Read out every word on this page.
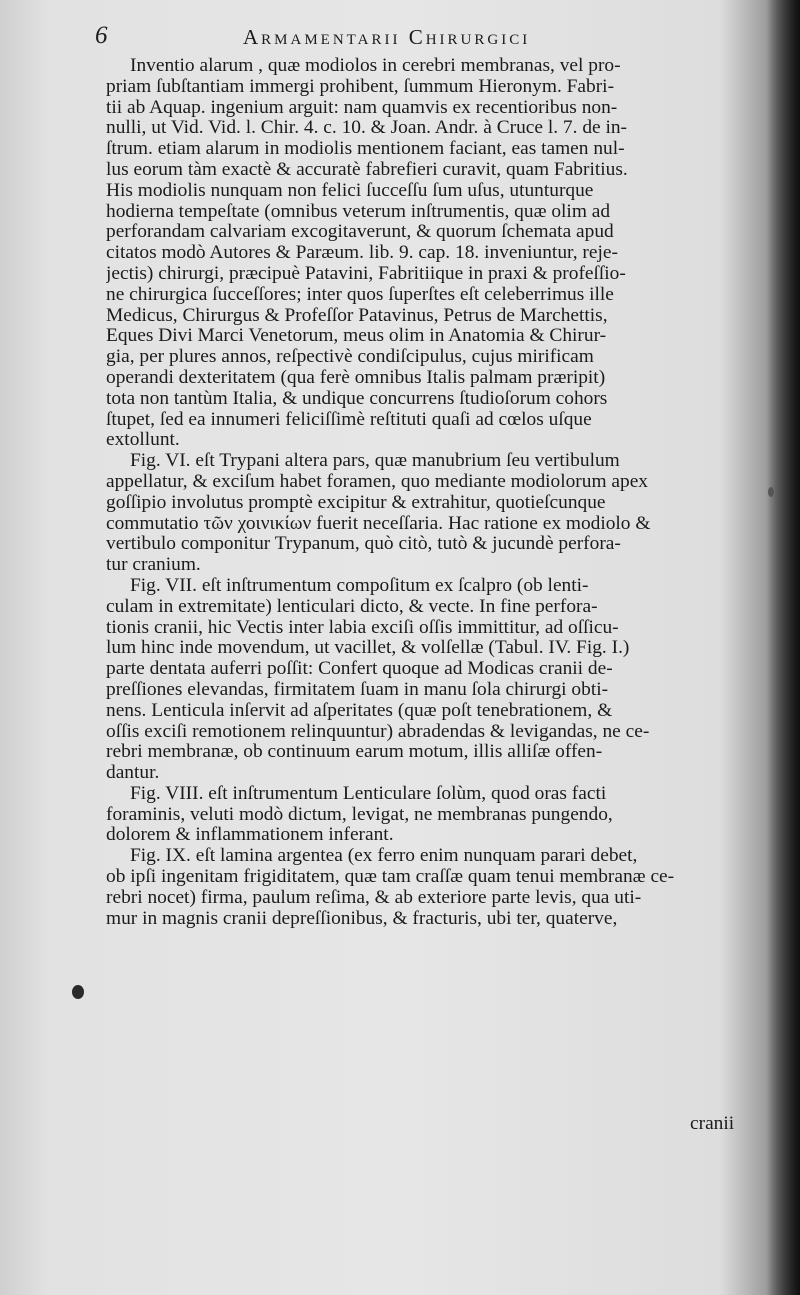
6	Armamentarii Chirurgici
Inventio alarum , quæ modiolos in cerebri membranas, vel pro-
priam ſubſtantiam immergi prohibent, ſummum Hieronym. Fabri-
tii ab Aquap. ingenium arguit: nam quamvis ex recentioribus non-
nulli, ut Vid. Vid. l. Chir. 4. c. 10. & Joan. Andr. à Cruce l. 7. de in-
ſtrum. etiam alarum in modiolis mentionem faciant, eas tamen nul-
lus eorum tàm exactè & accuratè fabrefieri curavit, quam Fabritius.
His modiolis nunquam non felici ſucceſſu ſum uſus, utunturque
hodierna tempeſtate (omnibus veterum inſtrumentis, quæ olim ad
perforandam calvariam excogitaverunt, & quorum ſchemata apud
citatos modò Autores & Paræum. lib. 9. cap. 18. inveniuntur, reje-
jectis) chirurgi, præcipuè Patavini, Fabritiique in praxi & profeſſio-
ne chirurgica ſucceſſores; inter quos ſuperſtes eſt celeberrimus ille
Medicus, Chirurgus & Profeſſor Patavinus, Petrus de Marchettis,
Eques Divi Marci Venetorum, meus olim in Anatomia & Chirur-
gia, per plures annos, reſpectivè condiſcipulus, cujus mirificam
operandi dexteritatem (qua ferè omnibus Italis palmam præripit)
tota non tantùm Italia, & undique concurrens ſtudioſorum cohors
ſtupet, ſed ea innumeri feliciſſimè reſtituti quaſi ad cœlos uſque
extollunt.
Fig. VI. eſt Trypani altera pars, quæ manubrium ſeu vertibulum
appellatur, & exciſum habet foramen, quo mediante modiolorum apex
goſſipio involutus promptè excipitur & extrahitur, quotieſcunque
commutatio τῶν χοινικίων fuerit neceſſaria. Hac ratione ex modiolo &
vertibulo componitur Trypanum, quò citò, tutò & jucundè perfora-
tur cranium.
Fig. VII. eſt inſtrumentum compoſitum ex ſcalpro (ob lenti-
culam in extremitate) lenticulari dicto, & vecte. In fine perfora-
tionis cranii, hic Vectis inter labia exciſi oſſis immittitur, ad oſſicu-
lum hinc inde movendum, ut vacillet, & volſellæ (Tabul. IV. Fig. I.)
parte dentata auferri poſſit: Confert quoque ad Modicas cranii de-
preſſiones elevandas, firmitatem ſuam in manu ſola chirurgi obti-
nens. Lenticula inſervit ad aſperitates (quæ poſt tenebrationem, &
oſſis exciſi remotionem relinquuntur) abradendas & levigandas, ne ce-
rebri membranæ, ob continuum earum motum, illis alliſæ offen-
dantur.
Fig. VIII. eſt inſtrumentum Lenticulare ſolùm, quod oras facti
foraminis, veluti modò dictum, levigat, ne membranas pungendo,
dolorem & inflammationem inferant.
Fig. IX. eſt lamina argentea (ex ferro enim nunquam parari debet,
ob ipſi ingenitam frigiditatem, quæ tam craſſæ quam tenui membranæ ce-
rebri nocet) firma, paulum reſima, & ab exteriore parte levis, qua uti-
mur in magnis cranii depreſſionibus, & fracturis, ubi ter, quaterve,
cranii
